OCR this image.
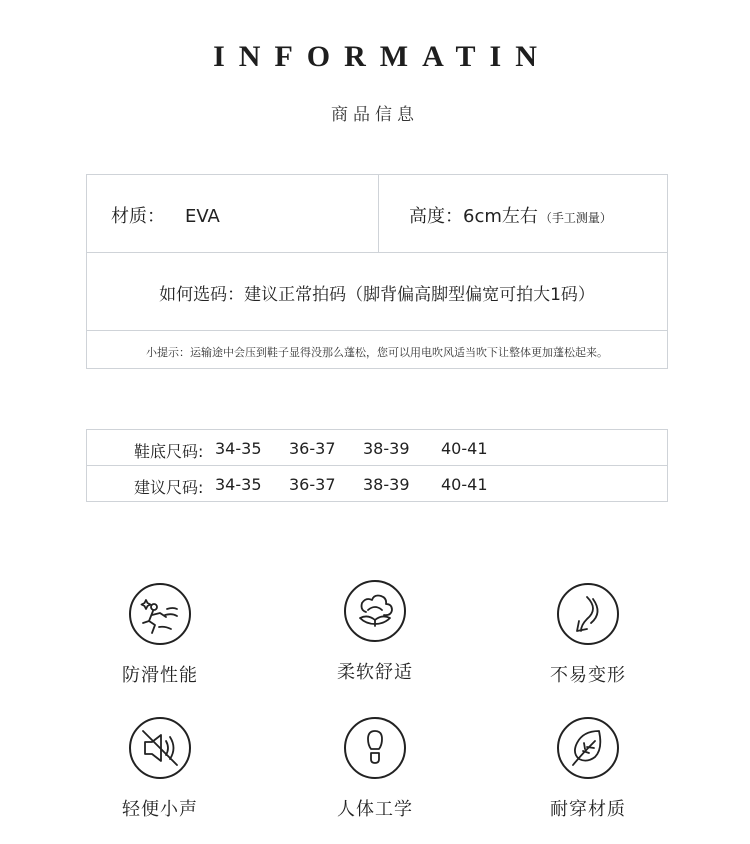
INFORMATIN
商品信息
材质： EVA	高度：6cm左右 （手工测量）
如何选码：建议正常拍码（脚背偏高脚型偏宽可拍大1码）
小提示：运输途中会压到鞋子显得没那么蓬松，您可以用电吹风适当吹下让整体更加蓬松起来。
鞋底尺码: 34-35 36-37 38-39 40-41
建议尺码: 34-35 36-37 38-39 40-41
防滑性能	柔软舒适	不易变形
轻便小声	人体工学	耐穿材质
